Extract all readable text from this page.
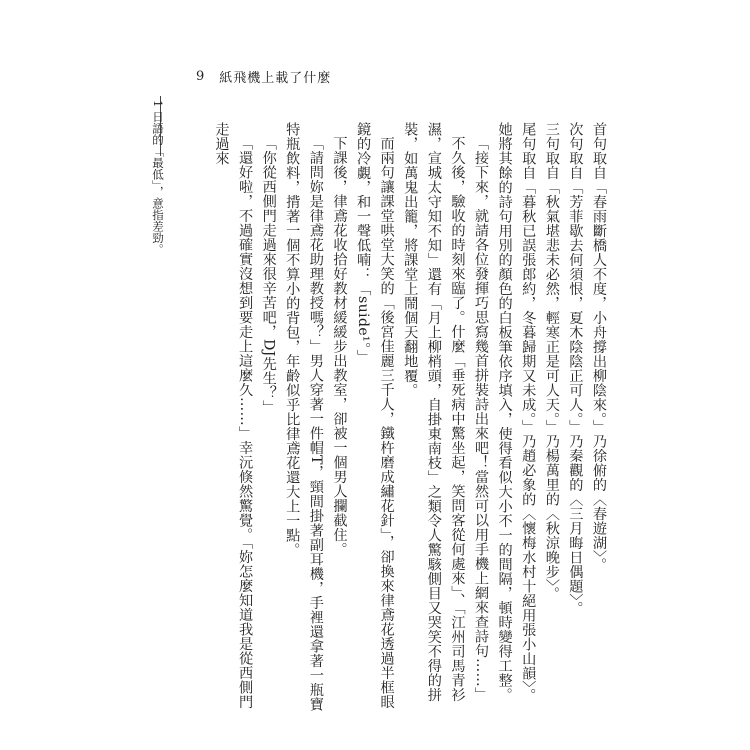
9 紙飛機上載了什麼

首句取自「春雨斷橋人不度，小舟撐出柳陰來。」乃徐俯的〈春遊湖〉。

次句取自「芳菲歇去何須恨，夏木陰陰正可人。」乃秦觀的〈三月晦日偶題〉。

三句取自「秋氣堪悲未必然，輕寒正是可人天。」乃楊萬里的〈秋涼晚步〉。

尾句取自「暮秋已誤張郎約，冬暮歸期又未成。」乃趙必象的〈懷梅水村十絕用張小山韻〉。

她將其餘的詩句用別的顏色的白板筆依序填入，使得看似大小不一的間隔，頓時變得工整。

「接下來，就請各位發揮巧思寫幾首拼裝詩出來吧！當然可以用手機上網來查詩句……」

不久後，驗收的時刻來臨了。什麼「垂死病中驚坐起，笑問客從何處來」、「江州司馬青衫濕，宣城太守知不知」還有「月上柳梢頭，自掛東南枝」之類令人驚駭側目又哭笑不得的拼裝，如萬鬼出籠，將課堂上鬧個天翻地覆。

而兩句讓課堂哄堂大笑的「後宮佳麗三千人，鐵杵磨成繡花針」，卻換來律鳶花透過半框眼鏡的冷覷，和一聲低喃：「suide¹。」

下課後，律鳶花收拾好教材緩緩步出教室，卻被一個男人攔截住。

「請問妳是律鳶花助理教授嗎？」男人穿著一件帽T，頸間掛著副耳機，手裡還拿著一瓶寶特瓶飲料，揹著一個不算小的背包，年齡似乎比律鳶花還大上一點。

「你從西側門走過來很辛苦吧，DJ先生？」

「還好啦，不過確實沒想到要走上這麼久……」幸沅倏然驚覺。「妳怎麼知道我是從西側門走過來

1 日語的「最低」，意指差勁。
